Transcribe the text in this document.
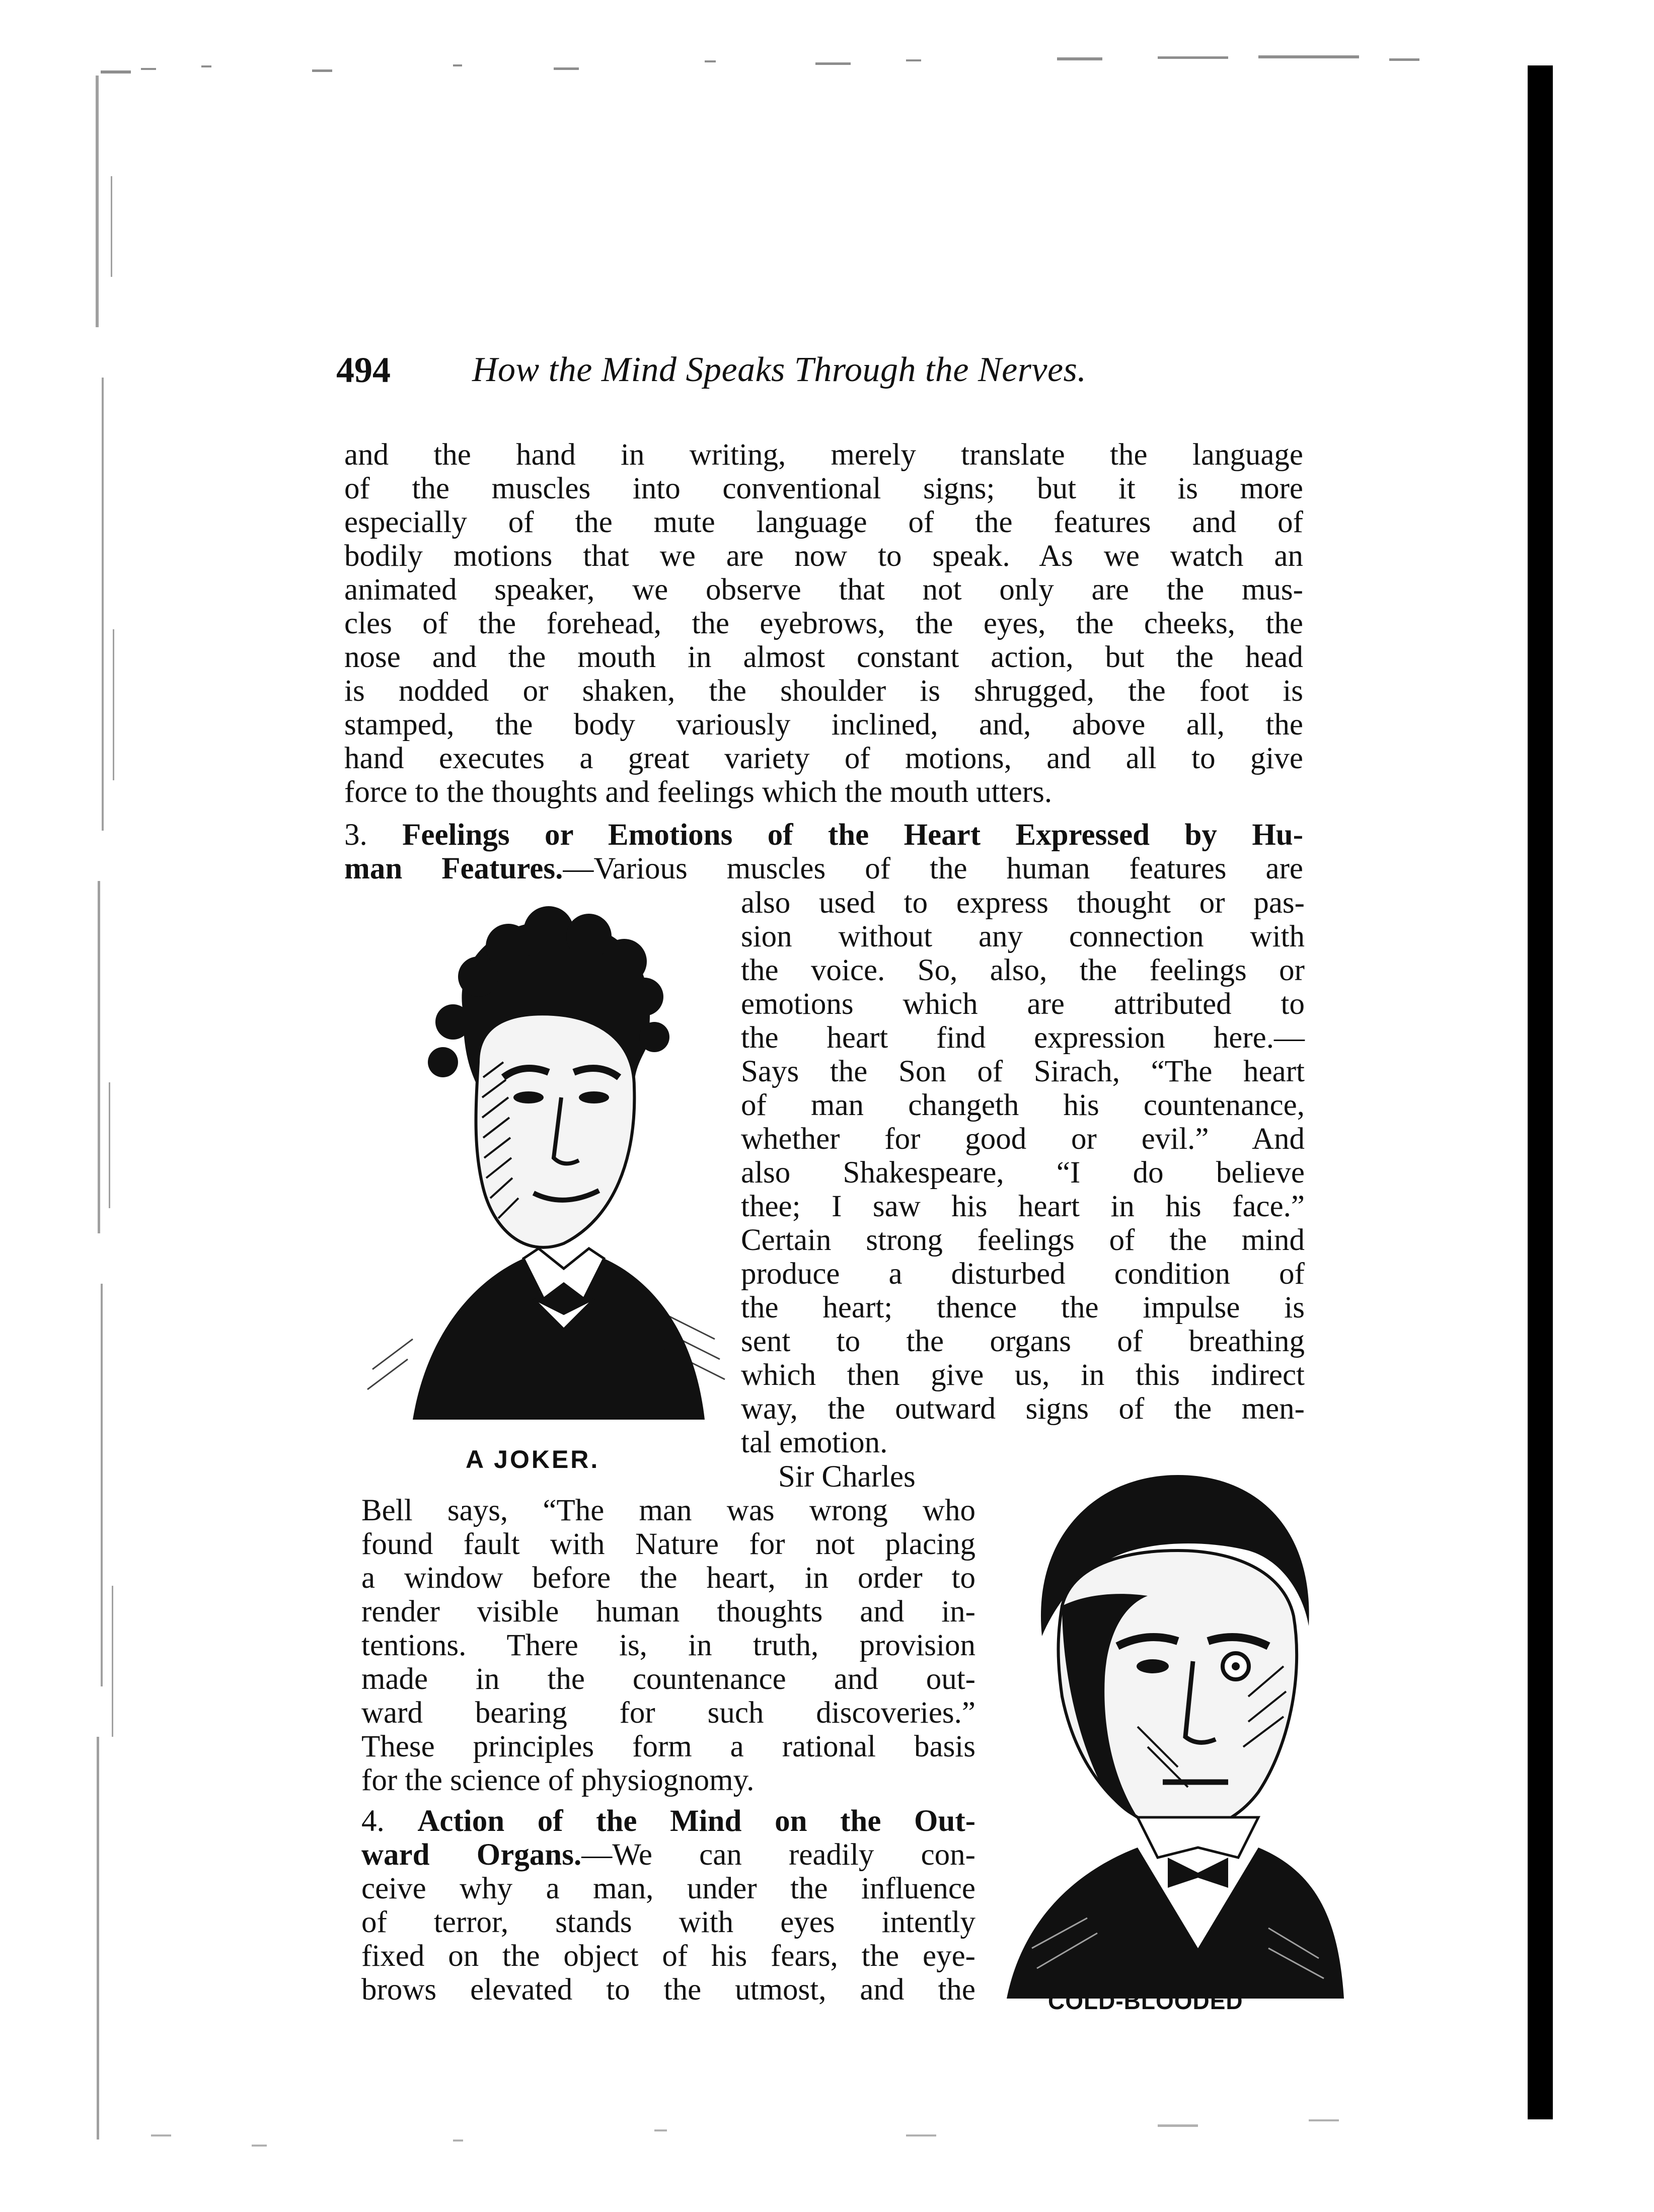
494 How the Mind Speaks Through the Nerves.
and the hand in writing, merely translate the language
of the muscles into conventional signs; but it is more
especially of the mute language of the features and of
bodily motions that we are now to speak. As we watch an
animated speaker, we observe that not only are the mus-
cles of the forehead, the eyebrows, the eyes, the cheeks, the
nose and the mouth in almost constant action, but the head
is nodded or shaken, the shoulder is shrugged, the foot is
stamped, the body variously inclined, and, above all, the
hand executes a great variety of motions, and all to give
force to the thoughts and feelings which the mouth utters.
3. Feelings or Emotions of the Heart Expressed by Hu-
man Features.—Various muscles of the human features are
also used to express thought or pas-
sion without any connection with
the voice. So, also, the feelings or
emotions which are attributed to
the heart find expression here.—
Says the Son of Sirach, “The heart
of man changeth his countenance,
whether for good or evil.” And
also Shakespeare, “I do believe
thee; I saw his heart in his face.”
Certain strong feelings of the mind
produce a disturbed condition of
the heart; thence the impulse is
sent to the organs of breathing
which then give us, in this indirect
way, the outward signs of the men-
tal emotion.
A JOKER.
Sir Charles
Bell says, “The man was wrong who
found fault with Nature for not placing
a window before the heart, in order to
render visible human thoughts and in-
tentions. There is, in truth, provision
made in the countenance and out-
ward bearing for such discoveries.”
These principles form a rational basis
for the science of physiognomy.
4. Action of the Mind on the Out-
ward Organs.—We can readily con-
ceive why a man, under the influence
of terror, stands with eyes intently
fixed on the object of his fears, the eye-
brows elevated to the utmost, and the	COLD-BLOODED
